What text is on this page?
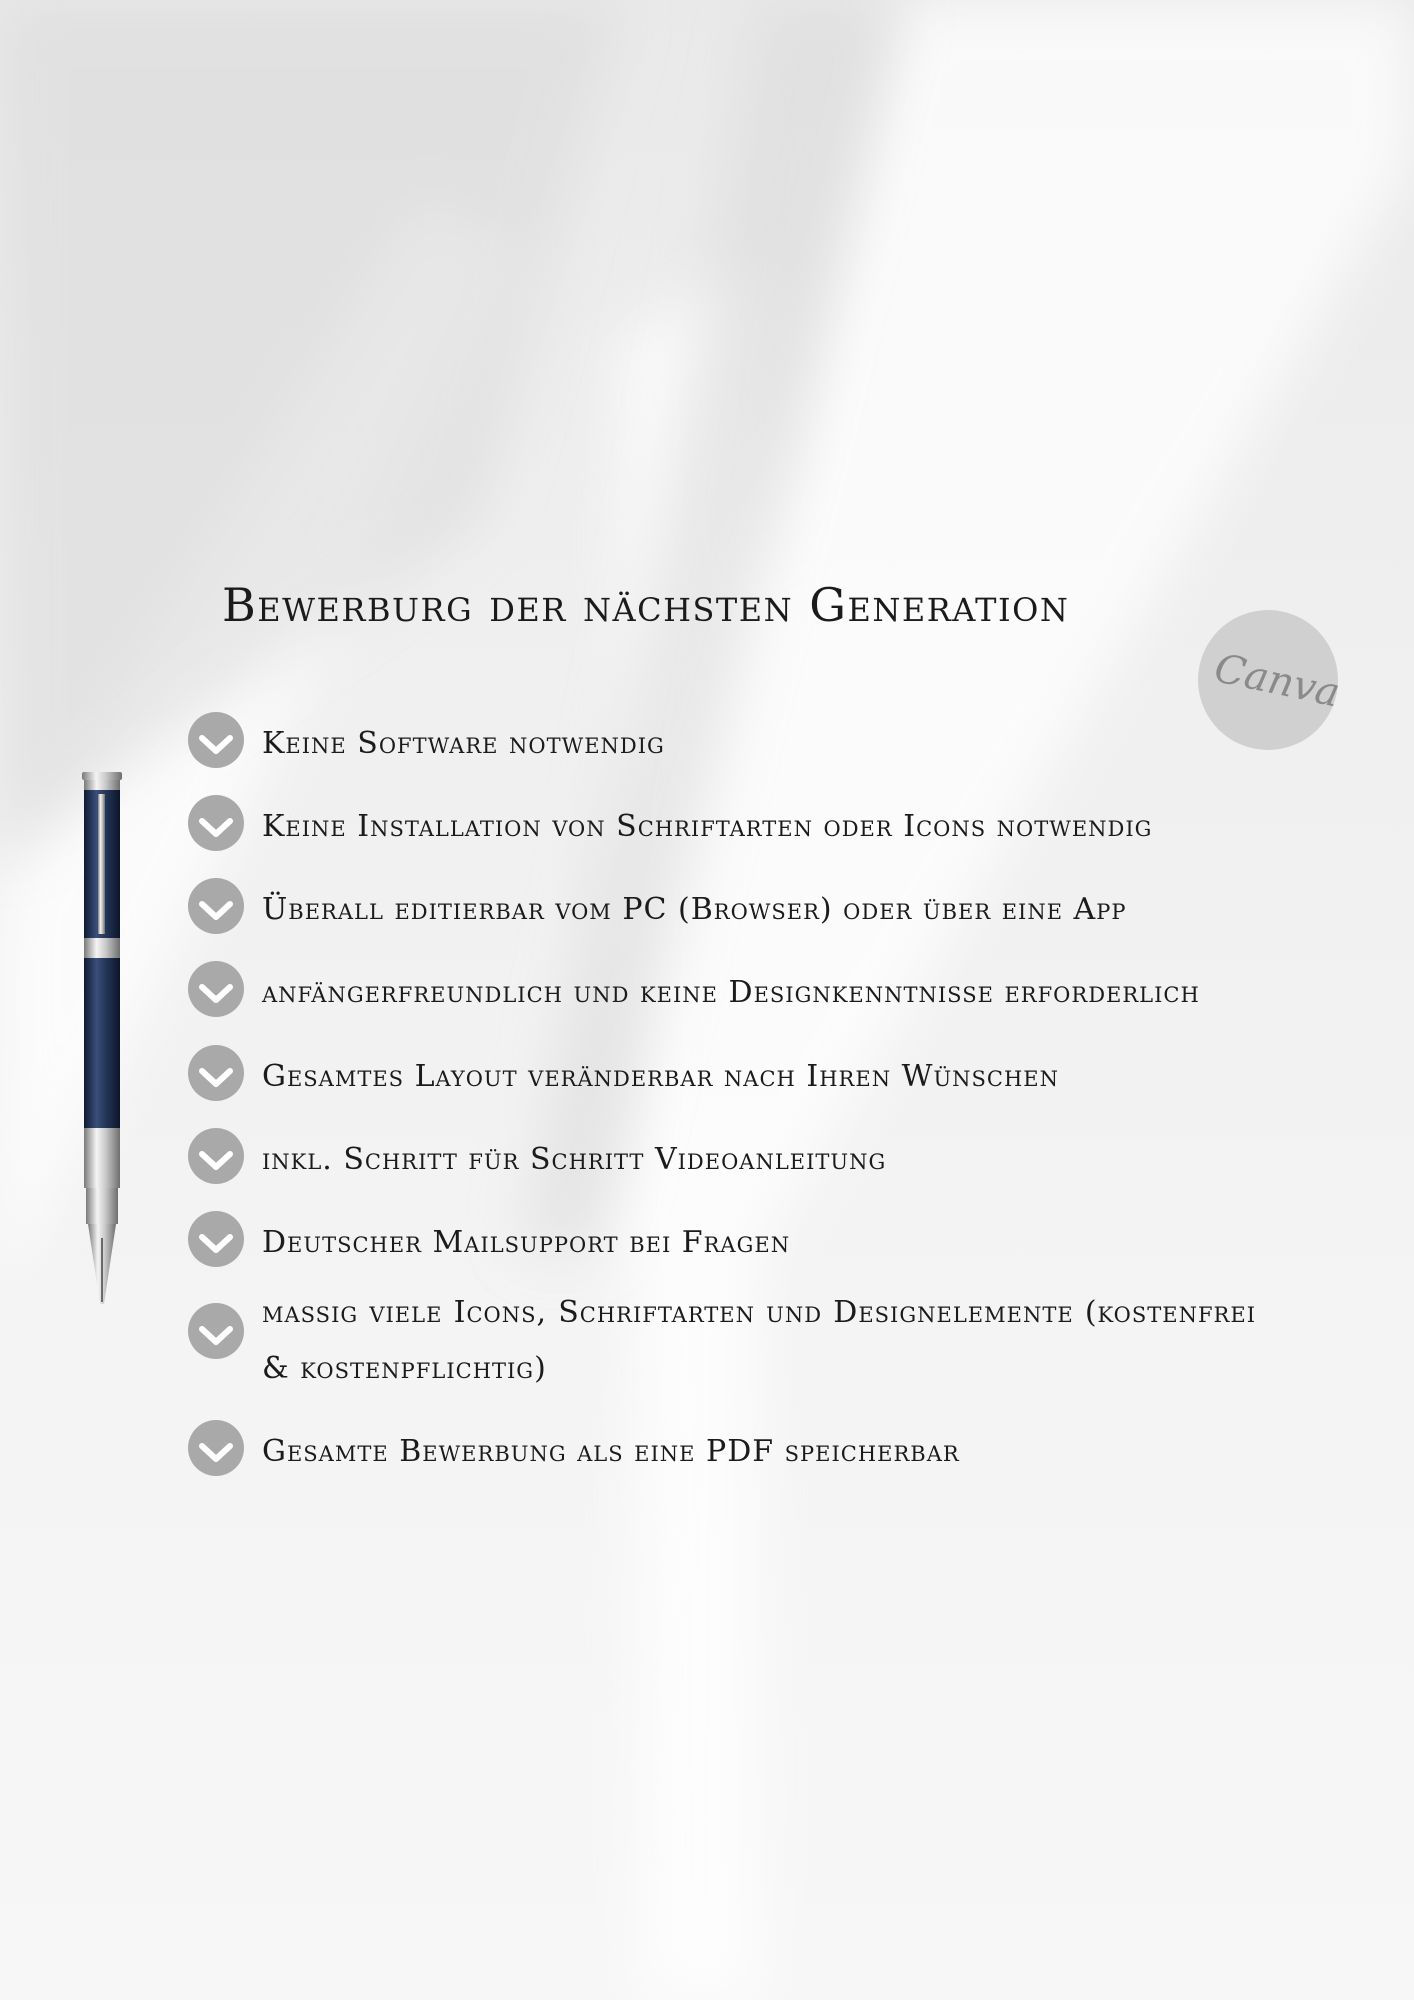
Bewerburg der nächsten Generation
Canva
Keine Software notwendig
Keine Installation von Schriftarten oder Icons notwendig
Überall editierbar vom PC (Browser) oder über eine App
anfängerfreundlich und keine Designkenntnisse erforderlich
Gesamtes Layout veränderbar nach Ihren Wünschen
inkl. Schritt für Schritt Videoanleitung
Deutscher Mailsupport bei Fragen
massig viele Icons, Schriftarten und Designelemente (kostenfrei & kostenpflichtig)
Gesamte Bewerbung als eine PDF speicherbar
